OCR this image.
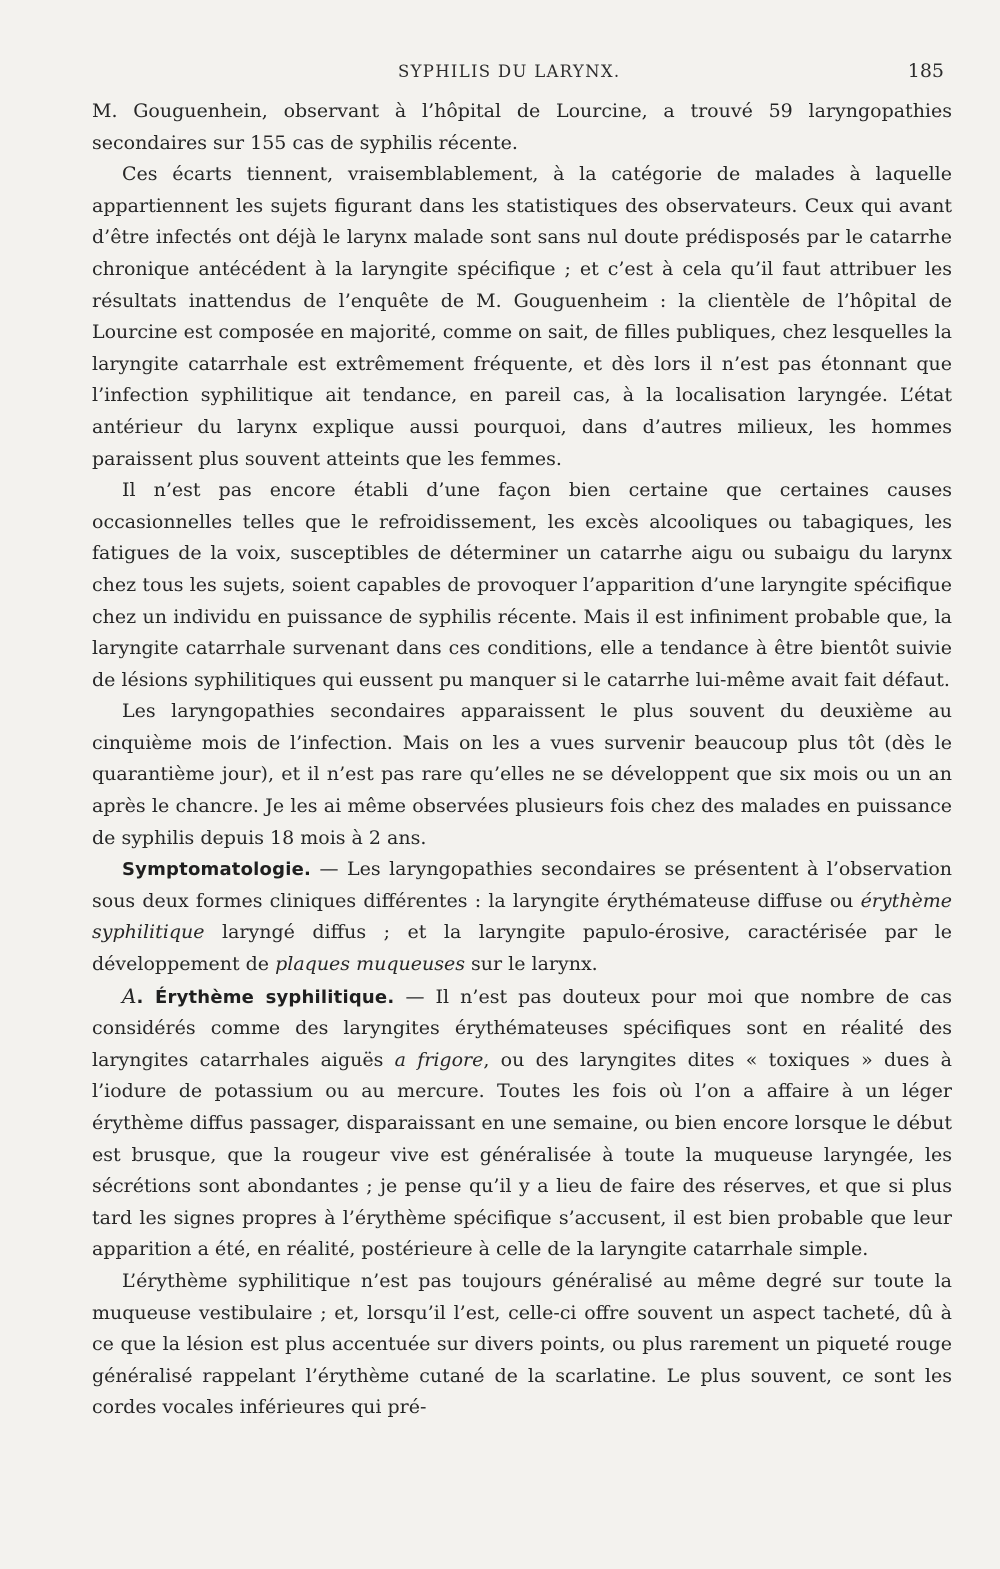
SYPHILIS DU LARYNX.	185

M. Gouguenhein, observant à l’hôpital de Lourcine, a trouvé 59 laryngopathies secondaires sur 155 cas de syphilis récente.

Ces écarts tiennent, vraisemblablement, à la catégorie de malades à laquelle appartiennent les sujets figurant dans les statistiques des observateurs. Ceux qui avant d’être infectés ont déjà le larynx malade sont sans nul doute prédisposés par le catarrhe chronique antécédent à la laryngite spécifique ; et c’est à cela qu’il faut attribuer les résultats inattendus de l’enquête de M. Gouguenheim : la clientèle de l’hôpital de Lourcine est composée en majorité, comme on sait, de filles publiques, chez lesquelles la laryngite catarrhale est extrêmement fréquente, et dès lors il n’est pas étonnant que l’infection syphilitique ait tendance, en pareil cas, à la localisation laryngée. L’état antérieur du larynx explique aussi pourquoi, dans d’autres milieux, les hommes paraissent plus souvent atteints que les femmes.

Il n’est pas encore établi d’une façon bien certaine que certaines causes occasionnelles telles que le refroidissement, les excès alcooliques ou tabagiques, les fatigues de la voix, susceptibles de déterminer un catarrhe aigu ou subaigu du larynx chez tous les sujets, soient capables de provoquer l’apparition d’une laryngite spécifique chez un individu en puissance de syphilis récente. Mais il est infiniment probable que, la laryngite catarrhale survenant dans ces conditions, elle a tendance à être bientôt suivie de lésions syphilitiques qui eussent pu manquer si le catarrhe lui-même avait fait défaut.

Les laryngopathies secondaires apparaissent le plus souvent du deuxième au cinquième mois de l’infection. Mais on les a vues survenir beaucoup plus tôt (dès le quarantième jour), et il n’est pas rare qu’elles ne se développent que six mois ou un an après le chancre. Je les ai même observées plusieurs fois chez des malades en puissance de syphilis depuis 18 mois à 2 ans.

Symptomatologie. — Les laryngopathies secondaires se présentent à l’observation sous deux formes cliniques différentes : la laryngite érythémateuse diffuse ou érythème syphilitique laryngé diffus ; et la laryngite papulo-érosive, caractérisée par le développement de plaques muqueuses sur le larynx.

A. Érythème syphilitique. — Il n’est pas douteux pour moi que nombre de cas considérés comme des laryngites érythémateuses spécifiques sont en réalité des laryngites catarrhales aiguës a frigore, ou des laryngites dites « toxiques » dues à l’iodure de potassium ou au mercure. Toutes les fois où l’on a affaire à un léger érythème diffus passager, disparaissant en une semaine, ou bien encore lorsque le début est brusque, que la rougeur vive est généralisée à toute la muqueuse laryngée, les sécrétions sont abondantes ; je pense qu’il y a lieu de faire des réserves, et que si plus tard les signes propres à l’érythème spécifique s’accusent, il est bien probable que leur apparition a été, en réalité, postérieure à celle de la laryngite catarrhale simple.

L’érythème syphilitique n’est pas toujours généralisé au même degré sur toute la muqueuse vestibulaire ; et, lorsqu’il l’est, celle-ci offre souvent un aspect tacheté, dû à ce que la lésion est plus accentuée sur divers points, ou plus rarement un piqueté rouge généralisé rappelant l’érythème cutané de la scarlatine. Le plus souvent, ce sont les cordes vocales inférieures qui pré-
